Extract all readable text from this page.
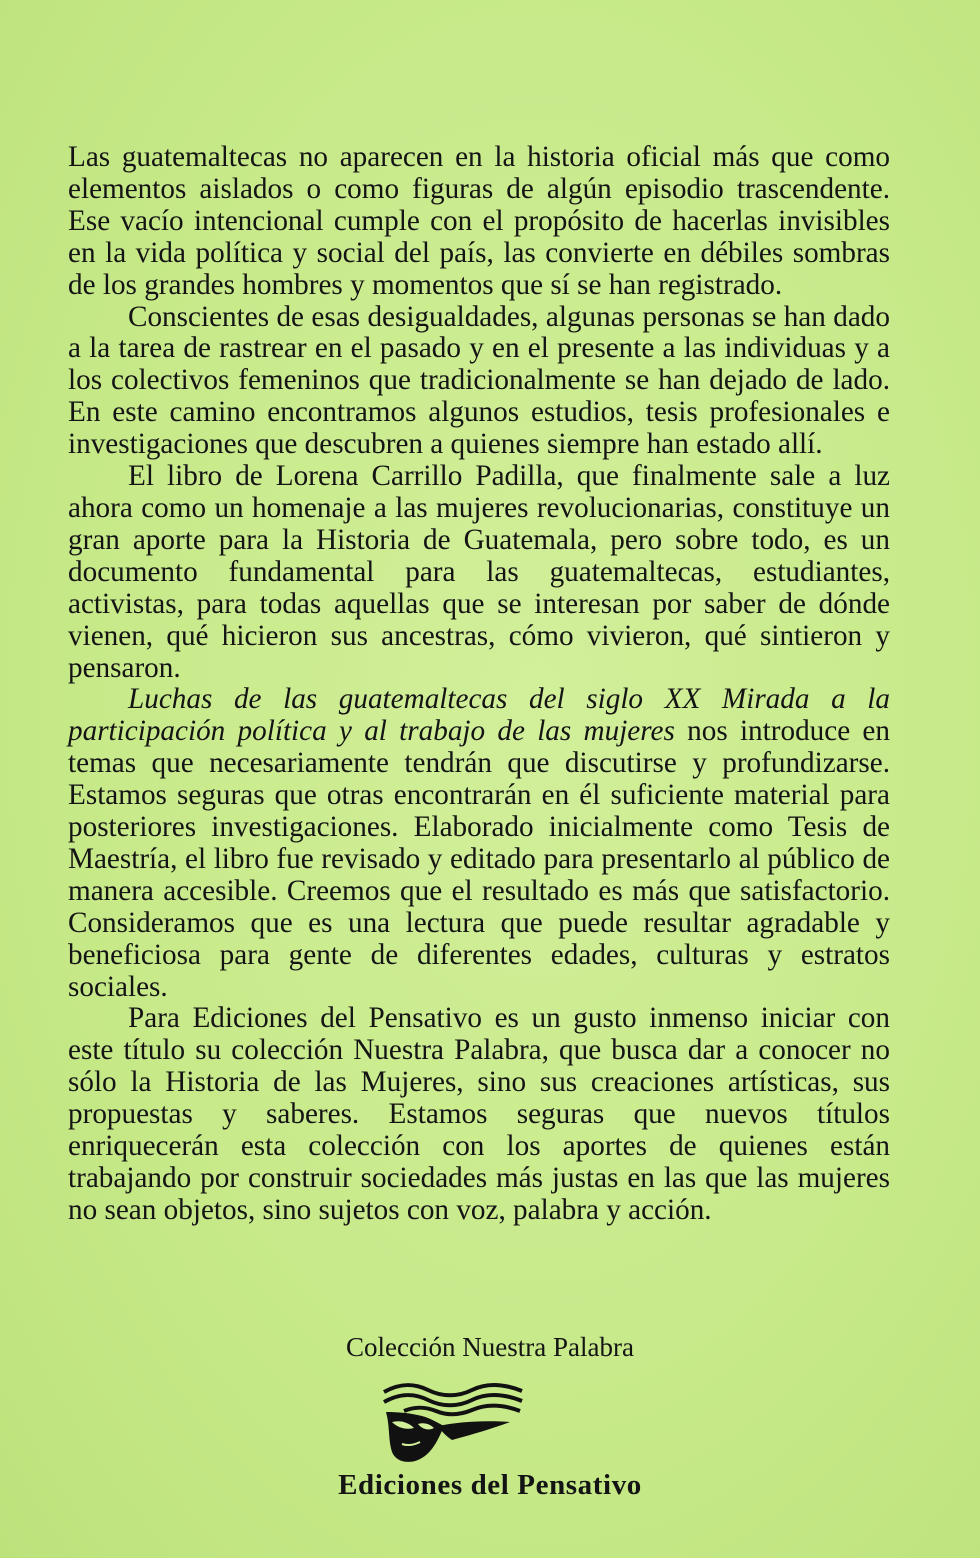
Las guatemaltecas no aparecen en la historia oficial más que como elementos aislados o como figuras de algún episodio trascendente. Ese vacío intencional cumple con el propósito de hacerlas invisibles en la vida política y social del país, las convierte en débiles sombras de los grandes hombres y momentos que sí se han registrado.

Conscientes de esas desigualdades, algunas personas se han dado a la tarea de rastrear en el pasado y en el presente a las individuas y a los colectivos femeninos que tradicionalmente se han dejado de lado. En este camino encontramos algunos estudios, tesis profesionales e investigaciones que descubren a quienes siempre han estado allí.

El libro de Lorena Carrillo Padilla, que finalmente sale a luz ahora como un homenaje a las mujeres revolucionarias, constituye un gran aporte para la Historia de Guatemala, pero sobre todo, es un documento fundamental para las guatemaltecas, estudiantes, activistas, para todas aquellas que se interesan por saber de dónde vienen, qué hicieron sus ancestras, cómo vivieron, qué sintieron y pensaron.

Luchas de las guatemaltecas del siglo XX Mirada a la participación política y al trabajo de las mujeres nos introduce en temas que necesariamente tendrán que discutirse y profundizarse. Estamos seguras que otras encontrarán en él suficiente material para posteriores investigaciones. Elaborado inicialmente como Tesis de Maestría, el libro fue revisado y editado para presentarlo al público de manera accesible. Creemos que el resultado es más que satisfactorio. Consideramos que es una lectura que puede resultar agradable y beneficiosa para gente de diferentes edades, culturas y estratos sociales.

Para Ediciones del Pensativo es un gusto inmenso iniciar con este título su colección Nuestra Palabra, que busca dar a conocer no sólo la Historia de las Mujeres, sino sus creaciones artísticas, sus propuestas y saberes. Estamos seguras que nuevos títulos enriquecerán esta colección con los aportes de quienes están trabajando por construir sociedades más justas en las que las mujeres no sean objetos, sino sujetos con voz, palabra y acción.

Colección Nuestra Palabra
Ediciones del Pensativo
